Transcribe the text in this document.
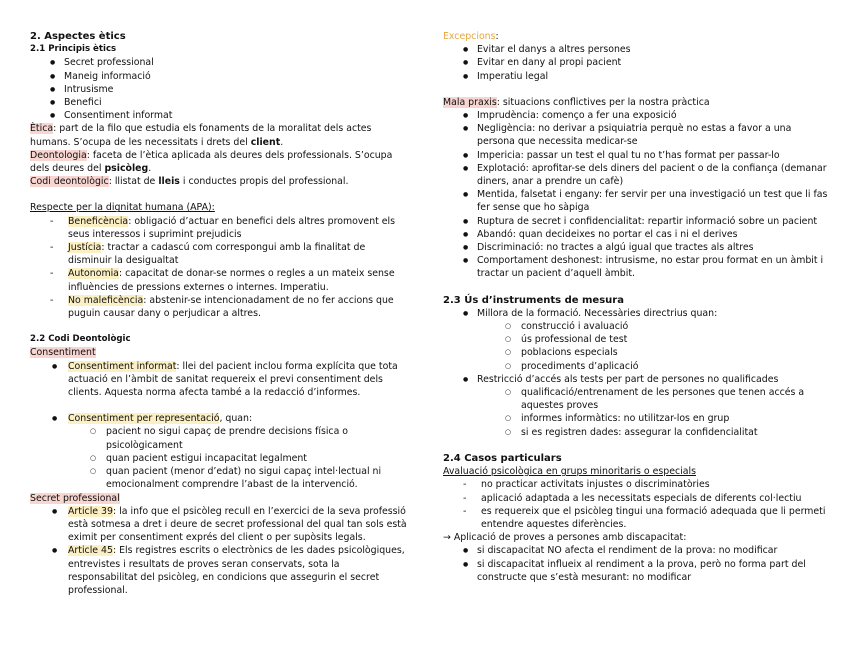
2. Aspectes ètics

2.1 Principis ètics

● Secret professional
● Maneig informació
● Intrusisme
● Benefici
● Consentiment informat

Ètica: part de la filo que estudia els fonaments de la moralitat dels actes humans. S’ocupa de les necessitats i drets del client.

Deontologia: faceta de l’ètica aplicada als deures dels professionals. S’ocupa dels deures del psicòleg.

Codi deontològic: llistat de lleis i conductes propis del professional.

Respecte per la dignitat humana (APA):

- Beneficència: obligació d’actuar en benefici dels altres promovent els seus interessos i suprimint prejudicis
- Justícia: tractar a cadascú com correspongui amb la finalitat de disminuir la desigualtat
- Autonomia: capacitat de donar-se normes o regles a un mateix sense influències de pressions externes o internes. Imperatiu.
- No maleficència: abstenir-se intencionadament de no fer accions que puguin causar dany o perjudicar a altres.

2.2 Codi Deontològic

Consentiment

● Consentiment informat: llei del pacient inclou forma explícita que tota actuació en l’àmbit de sanitat requereix el previ consentiment dels clients. Aquesta norma afecta també a la redacció d’informes.
● Consentiment per representació, quan:
○ pacient no sigui capaç de prendre decisions física o psicològicament
○ quan pacient estigui incapacitat legalment
○ quan pacient (menor d’edat) no sigui capaç intel·lectual ni emocionalment comprendre l’abast de la intervenció.

Secret professional

● Article 39: la info que el psicòleg recull en l’exercici de la seva professió està sotmesa a dret i deure de secret professional del qual tan sols està eximit per consentiment exprés del client o per supòsits legals.
● Article 45: Els registres escrits o electrònics de les dades psicològiques, entrevistes i resultats de proves seran conservats, sota la responsabilitat del psicòleg, en condicions que assegurin el secret professional.

Excepcions:

● Evitar el danys a altres persones
● Evitar en dany al propi pacient
● Imperatiu legal

Mala praxis: situacions conflictives per la nostra pràctica

● Imprudència: començo a fer una exposició
● Negligència: no derivar a psiquiatria perquè no estas a favor a una persona que necessita medicar-se
● Impericia: passar un test el qual tu no t’has format per passar-lo
● Explotació: aprofitar-se dels diners del pacient o de la confiança (demanar diners, anar a prendre un cafè)
● Mentida, falsetat i engany: fer servir per una investigació un test que li fas fer sense que ho sàpiga
● Ruptura de secret i confidencialitat: repartir informació sobre un pacient
● Abandó: quan decideixes no portar el cas i ni el derives
● Discriminació: no tractes a algú igual que tractes als altres
● Comportament deshonest: intrusisme, no estar prou format en un àmbit i tractar un pacient d’aquell àmbit.

2.3 Ús d’instruments de mesura

● Millora de la formació. Necessàries directrius quan:
○ construcció i avaluació
○ ús professional de test
○ poblacions especials
○ procediments d’aplicació
● Restricció d’accés als tests per part de persones no qualificades
○ qualificació/entrenament de les persones que tenen accés a aquestes proves
○ informes informàtics: no utilitzar-los en grup
○ si es registren dades: assegurar la confidencialitat

2.4 Casos particulars

Avaluació psicològica en grups minoritaris o especials

- no practicar activitats injustes o discriminatòries
- aplicació adaptada a les necessitats especials de diferents col·lectiu
- es requereix que el psicòleg tingui una formació adequada que li permeti entendre aquestes diferències.

→ Aplicació de proves a persones amb discapacitat:

● si discapacitat NO afecta el rendiment de la prova: no modificar
● si discapacitat influeix al rendiment a la prova, però no forma part del constructe que s’està mesurant: no modificar
